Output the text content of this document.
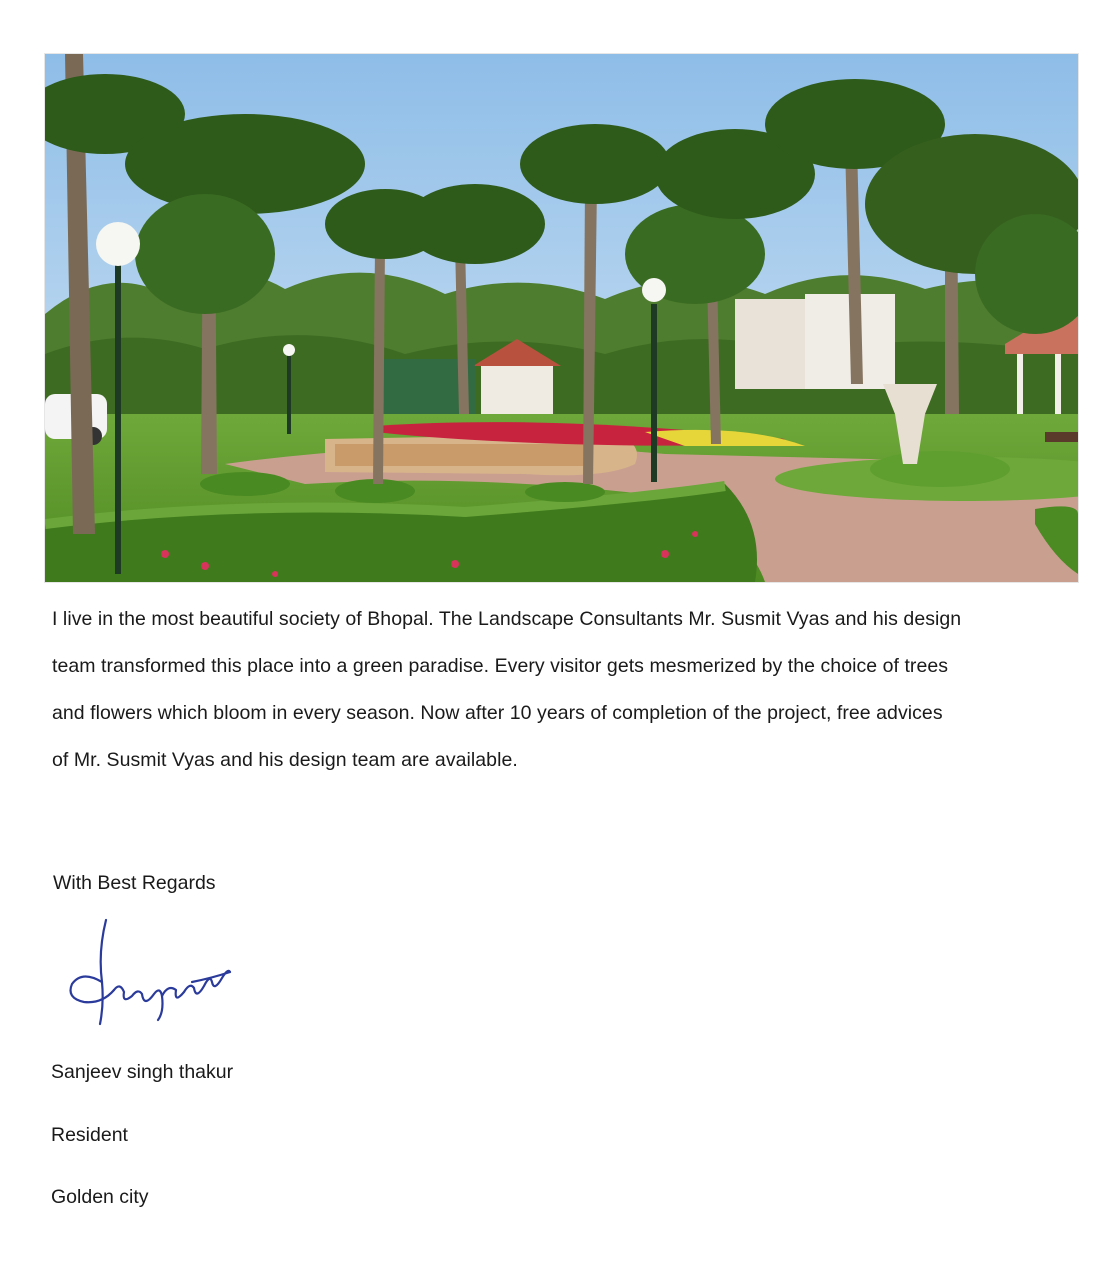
I live in the most beautiful society of Bhopal. The Landscape Consultants Mr. Susmit Vyas and his design
team transformed this place into a green paradise. Every visitor gets mesmerized by the choice of trees
and flowers which bloom in every season. Now after 10 years of completion of the project, free advices
of Mr. Susmit Vyas and his design team are available.

With Best Regards
Sanjeev singh thakur
Resident
Golden city
